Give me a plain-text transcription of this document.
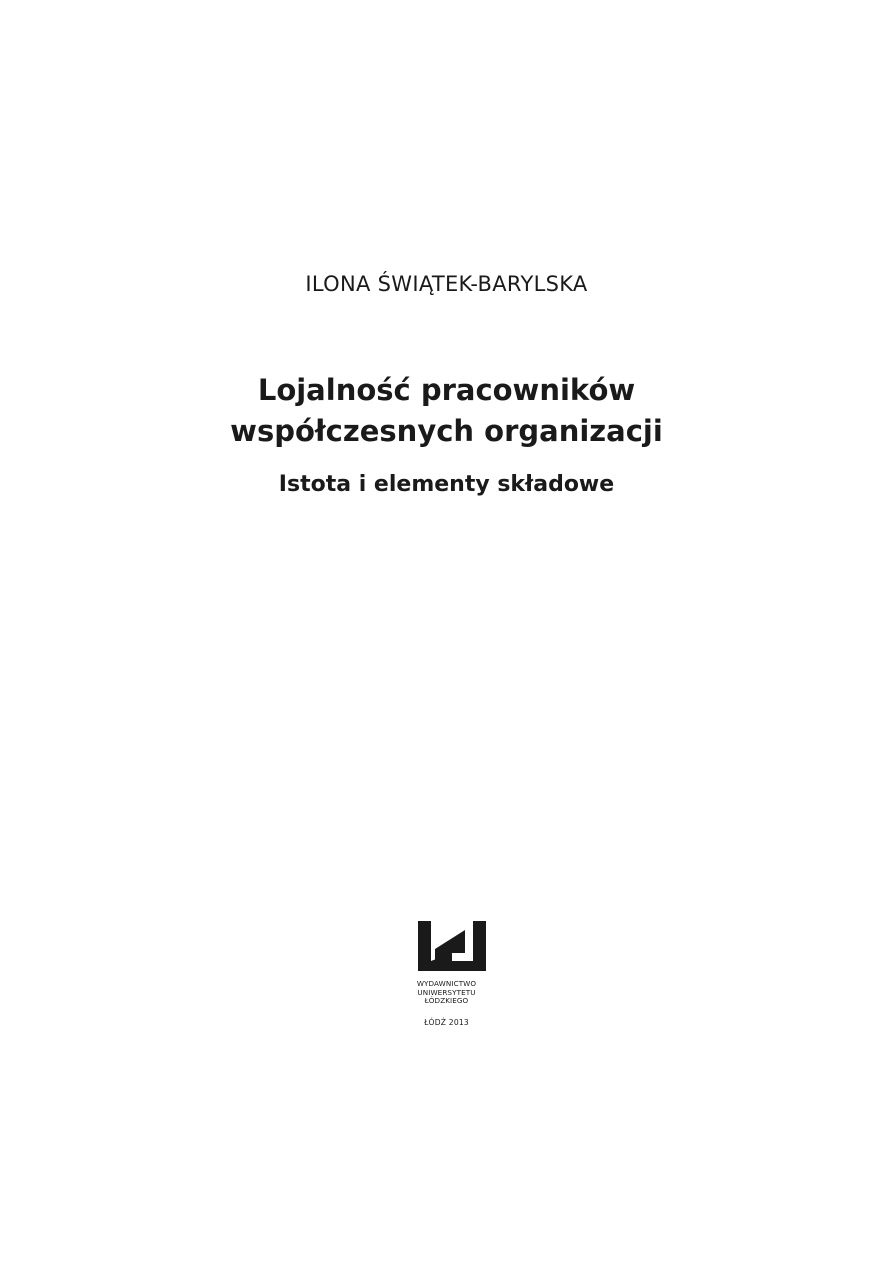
ILONA ŚWIĄTEK-BARYLSKA
Lojalność pracowników
współczesnych organizacji
Istota i elementy składowe
WYDAWNICTWO
UNIWERSYTETU
ŁÓDZKIEGO
ŁÓDŹ 2013
